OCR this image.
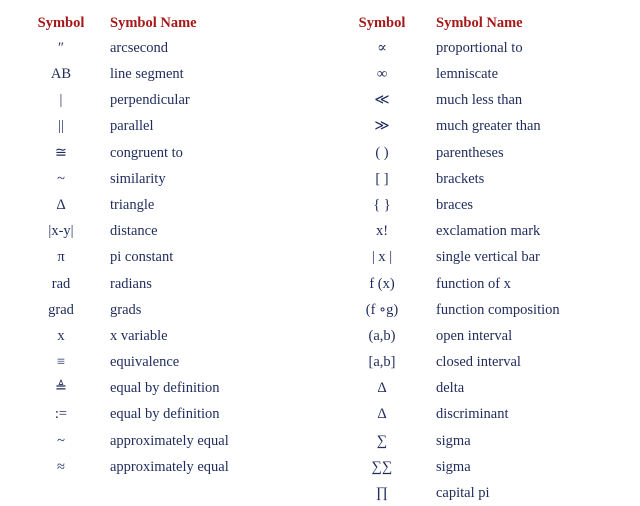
Symbol	Symbol Name
″	arcsecond
AB	line segment
|	perpendicular
||	parallel
≅	congruent to
~	similarity
Δ	triangle
|x-y|	distance
π	pi constant
rad	radians
grad	grads
x	x variable
≡	equivalence
≜	equal by definition
:=	equal by definition
~	approximately equal
≈	approximately equal
Symbol	Symbol Name
∝	proportional to
∞	lemniscate
≪	much less than
≫	much greater than
( )	parentheses
[ ]	brackets
{ }	braces
x!	exclamation mark
| x |	single vertical bar
f (x)	function of x
(f ∘g)	function composition
(a,b)	open interval
[a,b]	closed interval
Δ	delta
Δ	discriminant
∑	sigma
∑∑	sigma
∏	capital pi
